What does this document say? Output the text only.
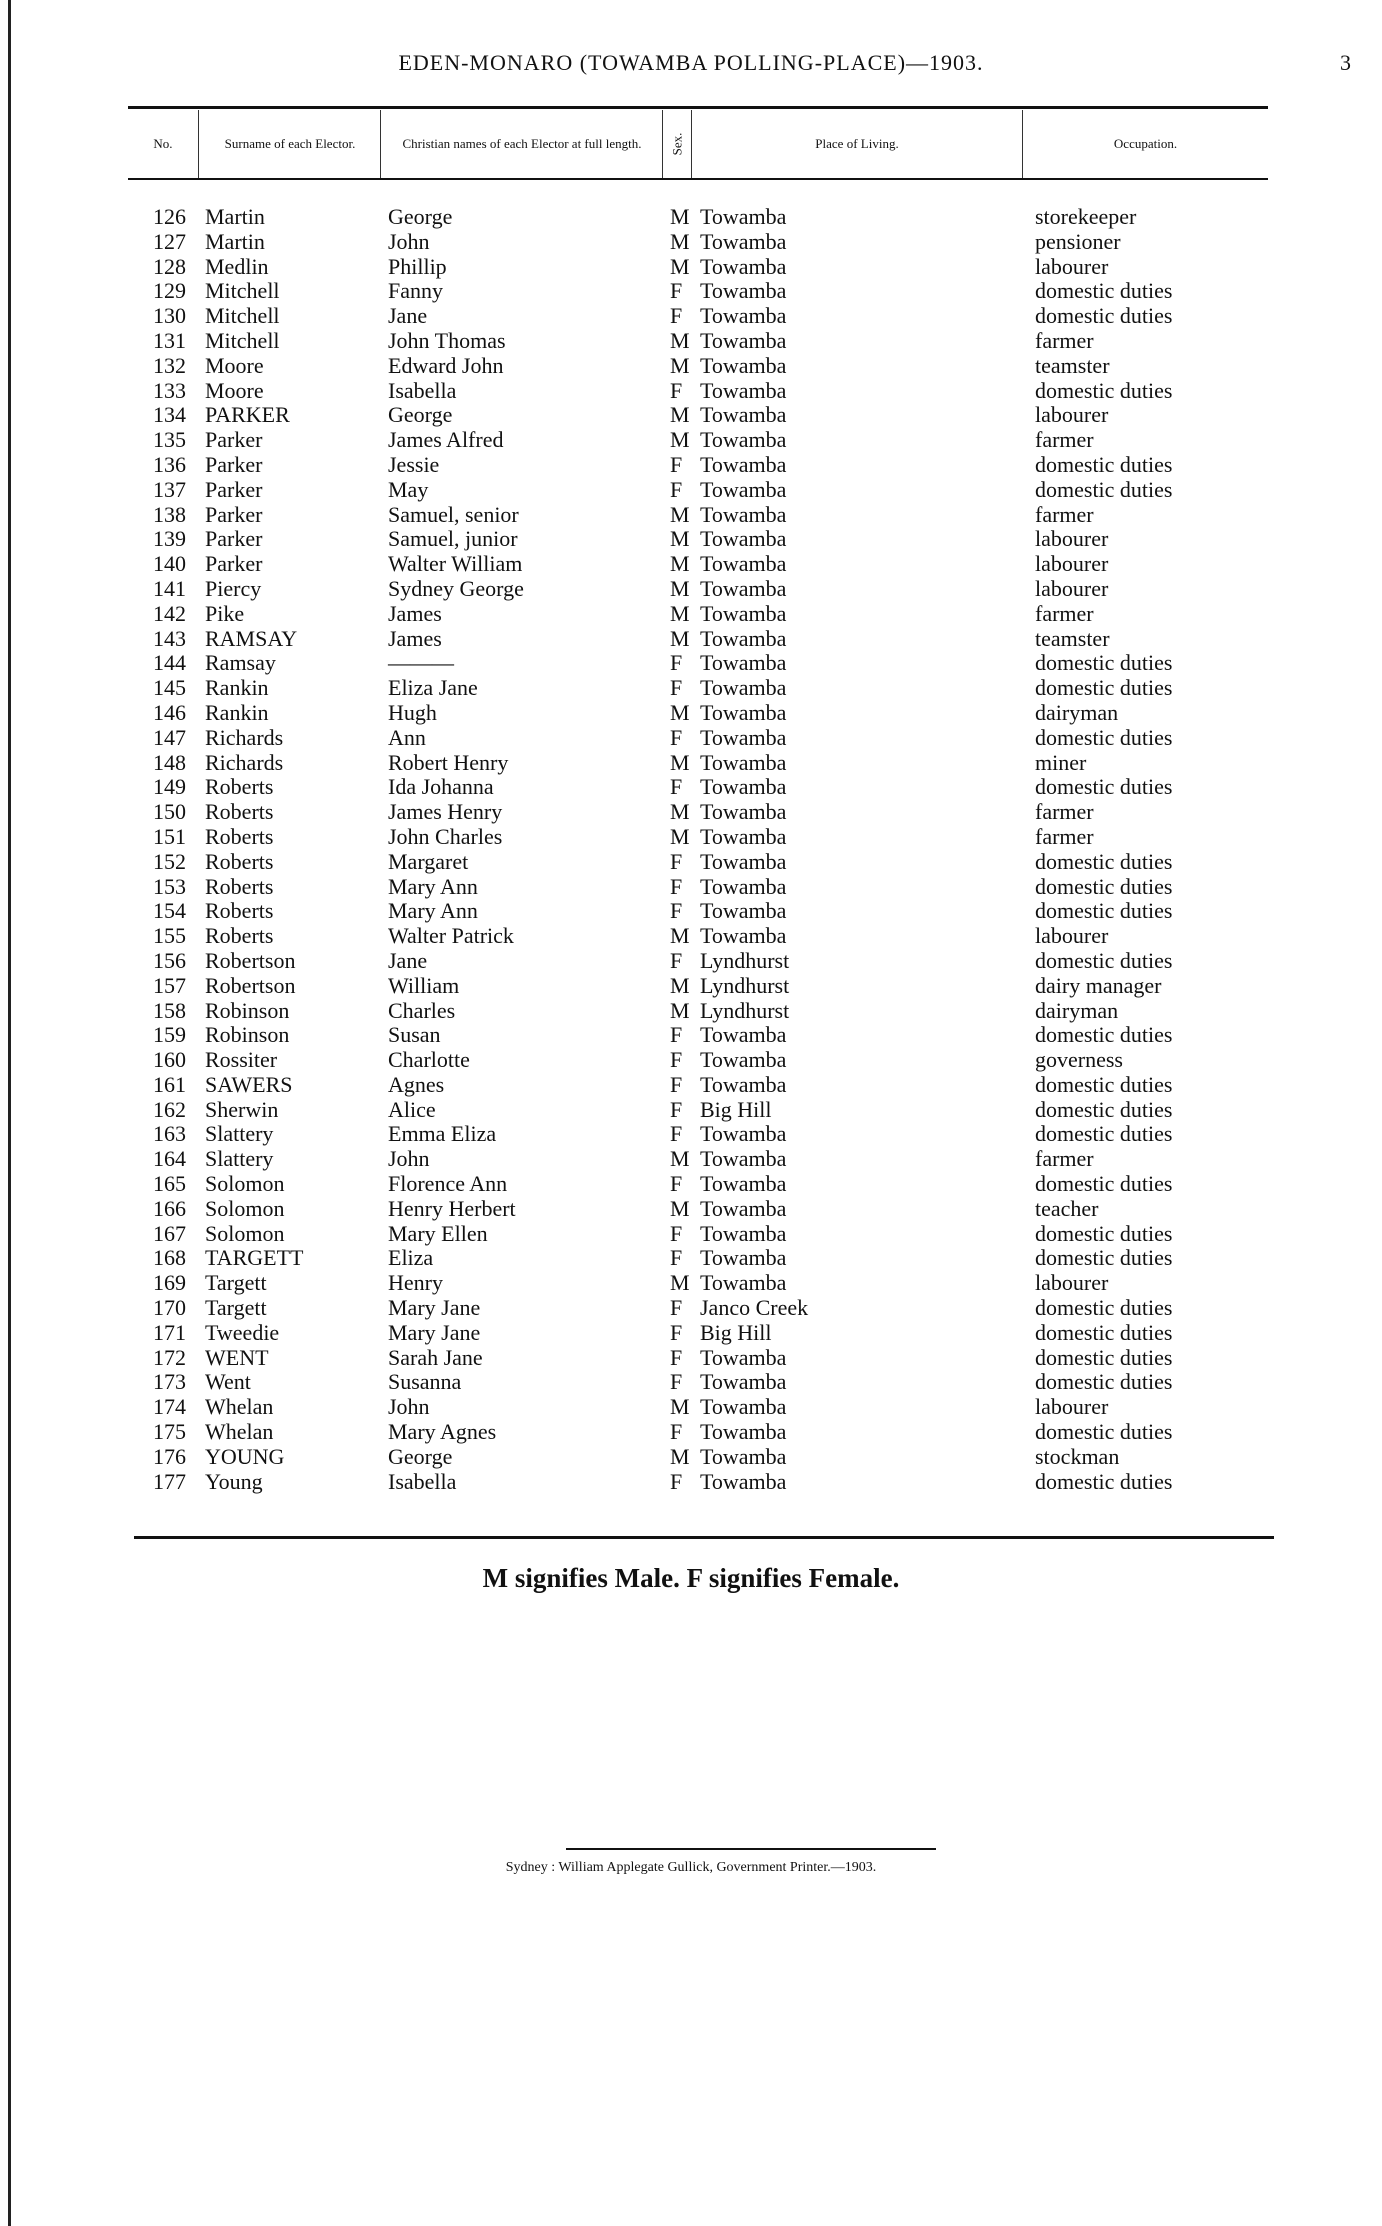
EDEN-MONARO (TOWAMBA POLLING-PLACE)—1903.	3
No.	Surname of each Elector.	Christian names of each Elector at full length.	Sex.	Place of Living.	Occupation.
126 Martin	George	M Towamba	storekeeper
127 Martin	John	M Towamba	pensioner
128 Medlin	Phillip	M Towamba	labourer
129 Mitchell	Fanny	F Towamba	domestic duties
130 Mitchell	Jane	F Towamba	domestic duties
131 Mitchell	John Thomas	M Towamba	farmer
132 Moore	Edward John	M Towamba	teamster
133 Moore	Isabella	F Towamba	domestic duties
134 PARKER	George	M Towamba	labourer
135 Parker	James Alfred	M Towamba	farmer
136 Parker	Jessie	F Towamba	domestic duties
137 Parker	May	F Towamba	domestic duties
138 Parker	Samuel, senior	M Towamba	farmer
139 Parker	Samuel, junior	M Towamba	labourer
140 Parker	Walter William	M Towamba	labourer
141 Piercy	Sydney George	M Towamba	labourer
142 Pike	James	M Towamba	farmer
143 RAMSAY	James	M Towamba	teamster
144 Ramsay	———	F Towamba	domestic duties
145 Rankin	Eliza Jane	F Towamba	domestic duties
146 Rankin	Hugh	M Towamba	dairyman
147 Richards	Ann	F Towamba	domestic duties
148 Richards	Robert Henry	M Towamba	miner
149 Roberts	Ida Johanna	F Towamba	domestic duties
150 Roberts	James Henry	M Towamba	farmer
151 Roberts	John Charles	M Towamba	farmer
152 Roberts	Margaret	F Towamba	domestic duties
153 Roberts	Mary Ann	F Towamba	domestic duties
154 Roberts	Mary Ann	F Towamba	domestic duties
155 Roberts	Walter Patrick	M Towamba	labourer
156 Robertson	Jane	F Lyndhurst	domestic duties
157 Robertson	William	M Lyndhurst	dairy manager
158 Robinson	Charles	M Lyndhurst	dairyman
159 Robinson	Susan	F Towamba	domestic duties
160 Rossiter	Charlotte	F Towamba	governess
161 SAWERS	Agnes	F Towamba	domestic duties
162 Sherwin	Alice	F Big Hill	domestic duties
163 Slattery	Emma Eliza	F Towamba	domestic duties
164 Slattery	John	M Towamba	farmer
165 Solomon	Florence Ann	F Towamba	domestic duties
166 Solomon	Henry Herbert	M Towamba	teacher
167 Solomon	Mary Ellen	F Towamba	domestic duties
168 TARGETT	Eliza	F Towamba	domestic duties
169 Targett	Henry	M Towamba	labourer
170 Targett	Mary Jane	F Janco Creek	domestic duties
171 Tweedie	Mary Jane	F Big Hill	domestic duties
172 WENT	Sarah Jane	F Towamba	domestic duties
173 Went	Susanna	F Towamba	domestic duties
174 Whelan	John	M Towamba	labourer
175 Whelan	Mary Agnes	F Towamba	domestic duties
176 YOUNG	George	M Towamba	stockman
177 Young	Isabella	F Towamba	domestic duties
M signifies Male. F signifies Female.
Sydney : William Applegate Gullick, Government Printer.—1903.
